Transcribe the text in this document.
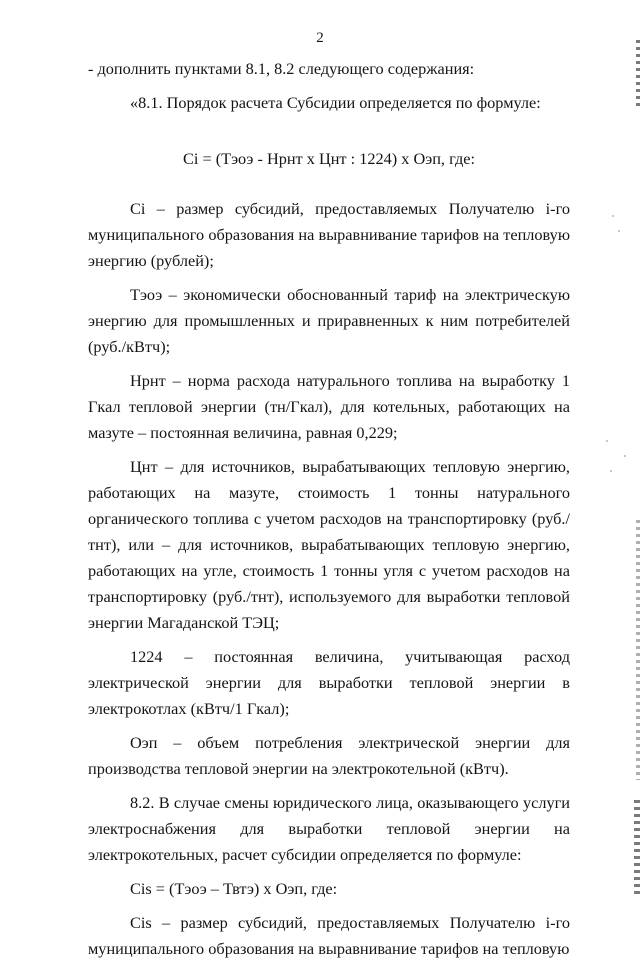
2

- дополнить пунктами 8.1, 8.2 следующего содержания:

«8.1. Порядок расчета Субсидии определяется по формуле:

Ci = (Тэоэ - Нрнт х Цнт : 1224) х Оэп, где:

Ci – размер субсидий, предоставляемых Получателю i-го муниципального образования на выравнивание тарифов на тепловую энергию (рублей);

Тэоэ – экономически обоснованный тариф на электрическую энергию для промышленных и приравненных к ним потребителей (руб./кВтч);

Нрнт – норма расхода натурального топлива на выработку 1 Гкал тепловой энергии (тн/Гкал), для котельных, работающих на мазуте – постоянная величина, равная 0,229;

Цнт – для источников, вырабатывающих тепловую энергию, работающих на мазуте, стоимость 1 тонны натурального органического топлива с учетом расходов на транспортировку (руб./тнт), или – для источников, вырабатывающих тепловую энергию, работающих на угле, стоимость 1 тонны угля с учетом расходов на транспортировку (руб./тнт), используемого для выработки тепловой энергии Магаданской ТЭЦ;

1224 – постоянная величина, учитывающая расход электрической энергии для выработки тепловой энергии в электрокотлах (кВтч/1 Гкал);

Оэп – объем потребления электрической энергии для производства тепловой энергии на электрокотельной (кВтч).

8.2. В случае смены юридического лица, оказывающего услуги электроснабжения для выработки тепловой энергии на электрокотельных, расчет субсидии определяется по формуле:

Cis = (Тэоэ – Твтэ) х Оэп, где:

Cis – размер субсидий, предоставляемых Получателю i-го муниципального образования на выравнивание тарифов на тепловую
